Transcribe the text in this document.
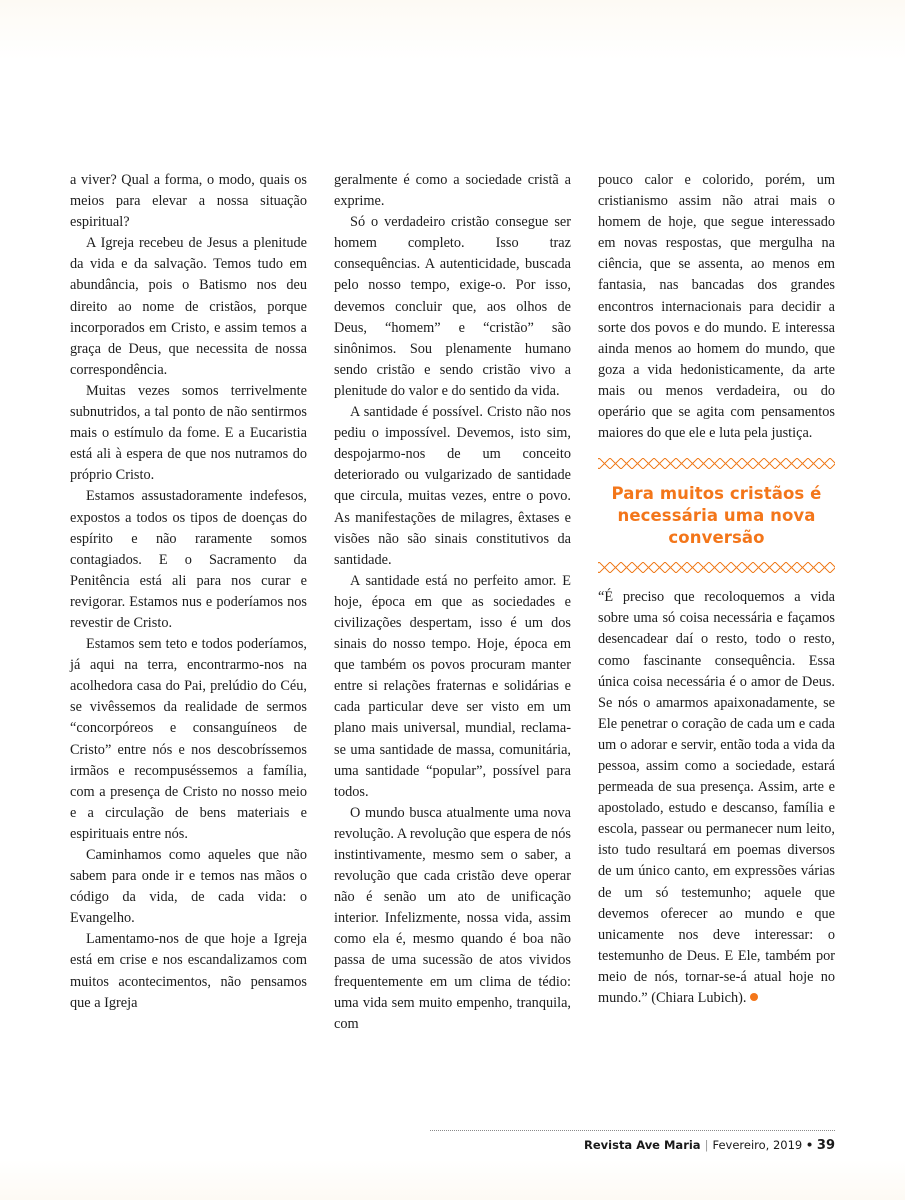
a viver? Qual a forma, o modo, quais os meios para elevar a nossa situação espiritual?

A Igreja recebeu de Jesus a plenitude da vida e da salvação. Temos tudo em abundância, pois o Batismo nos deu direito ao nome de cristãos, porque incorporados em Cristo, e assim temos a graça de Deus, que necessita de nossa correspondência.

Muitas vezes somos terrivelmente subnutridos, a tal ponto de não sentirmos mais o estímulo da fome. E a Eucaristia está ali à espera de que nos nutramos do próprio Cristo.

Estamos assustadoramente indefesos, expostos a todos os tipos de doenças do espírito e não raramente somos contagiados. E o Sacramento da Penitência está ali para nos curar e revigorar. Estamos nus e poderíamos nos revestir de Cristo.

Estamos sem teto e todos poderíamos, já aqui na terra, encontrarmo-nos na acolhedora casa do Pai, prelúdio do Céu, se vivêssemos da realidade de sermos “concorpóreos e consanguíneos de Cristo” entre nós e nos descobríssemos irmãos e recompuséssemos a família, com a presença de Cristo no nosso meio e a circulação de bens materiais e espirituais entre nós.

Caminhamos como aqueles que não sabem para onde ir e temos nas mãos o código da vida, de cada vida: o Evangelho.

Lamentamo-nos de que hoje a Igreja está em crise e nos escandalizamos com muitos acontecimentos, não pensamos que a Igreja

geralmente é como a sociedade cristã a exprime.

Só o verdadeiro cristão consegue ser homem completo. Isso traz consequências. A autenticidade, buscada pelo nosso tempo, exige-o. Por isso, devemos concluir que, aos olhos de Deus, “homem” e “cristão” são sinônimos. Sou plenamente humano sendo cristão e sendo cristão vivo a plenitude do valor e do sentido da vida.

A santidade é possível. Cristo não nos pediu o impossível. Devemos, isto sim, despojarmo-nos de um conceito deteriorado ou vulgarizado de santidade que circula, muitas vezes, entre o povo. As manifestações de milagres, êxtases e visões não são sinais constitutivos da santidade.

A santidade está no perfeito amor. E hoje, época em que as sociedades e civilizações despertam, isso é um dos sinais do nosso tempo. Hoje, época em que também os povos procuram manter entre si relações fraternas e solidárias e cada particular deve ser visto em um plano mais universal, mundial, reclama-se uma santidade de massa, comunitária, uma santidade “popular”, possível para todos.

O mundo busca atualmente uma nova revolução. A revolução que espera de nós instintivamente, mesmo sem o saber, a revolução que cada cristão deve operar não é senão um ato de unificação interior. Infelizmente, nossa vida, assim como ela é, mesmo quando é boa não passa de uma sucessão de atos vividos frequentemente em um clima de tédio: uma vida sem muito empenho, tranquila, com

pouco calor e colorido, porém, um cristianismo assim não atrai mais o homem de hoje, que segue interessado em novas respostas, que mergulha na ciência, que se assenta, ao menos em fantasia, nas bancadas dos grandes encontros internacionais para decidir a sorte dos povos e do mundo. E interessa ainda menos ao homem do mundo, que goza a vida hedonisticamente, da arte mais ou menos verdadeira, ou do operário que se agita com pensamentos maiores do que ele e luta pela justiça.

Para muitos cristãos é necessária uma nova conversão

“É preciso que recoloquemos a vida sobre uma só coisa necessária e façamos desencadear daí o resto, todo o resto, como fascinante consequência. Essa única coisa necessária é o amor de Deus. Se nós o amarmos apaixonadamente, se Ele penetrar o coração de cada um e cada um o adorar e servir, então toda a vida da pessoa, assim como a sociedade, estará permeada de sua presença. Assim, arte e apostolado, estudo e descanso, família e escola, passear ou permanecer num leito, isto tudo resultará em poemas diversos de um único canto, em expressões várias de um só testemunho; aquele que devemos oferecer ao mundo e que unicamente nos deve interessar: o testemunho de Deus. E Ele, também por meio de nós, tornar-se-á atual hoje no mundo.” (Chiara Lubich).

Revista Ave Maria | Fevereiro, 2019 • 39
